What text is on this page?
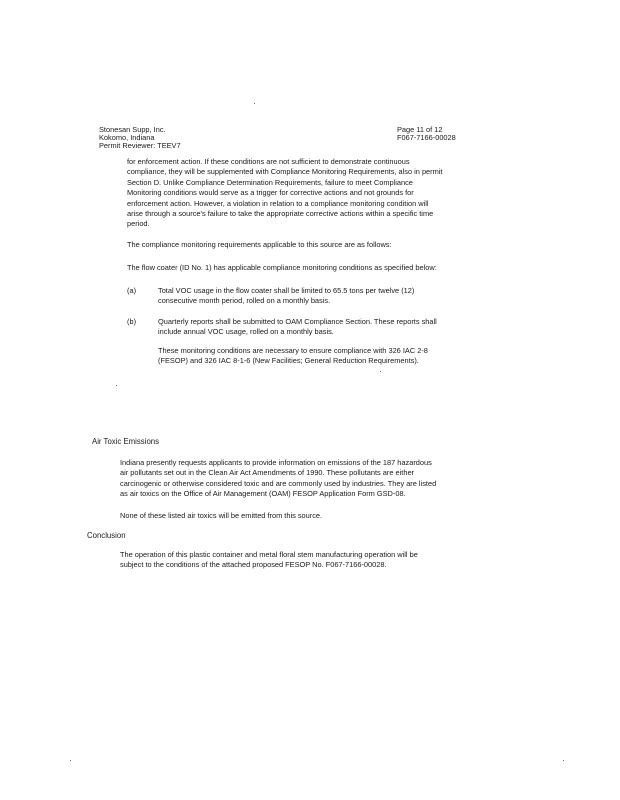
Stonesan Supp, Inc.

Kokomo, Indiana

Permit Reviewer: TEEV7

Page 11 of 12

F067-7166-00028

for enforcement action. If these conditions are not sufficient to demonstrate continuous
compliance, they will be supplemented with Compliance Monitoring Requirements, also in permit
Section D. Unlike Compliance Determination Requirements, failure to meet Compliance
Monitoring conditions would serve as a trigger for corrective actions and not grounds for
enforcement action. However, a violation in relation to a compliance monitoring condition will
arise through a source's failure to take the appropriate corrective actions within a specific time
period.

The compliance monitoring requirements applicable to this source are as follows:

The flow coater (ID No. 1) has applicable compliance monitoring conditions as specified below:

(a)	Total VOC usage in the flow coater shall be limited to 65.5 tons per twelve (12)
consecutive month period, rolled on a monthly basis.

(b)	Quarterly reports shall be submitted to OAM Compliance Section. These reports shall
include annual VOC usage, rolled on a monthly basis.
These monitoring conditions are necessary to ensure compliance with 326 IAC 2-8
(FESOP) and 326 IAC 8-1-6 (New Facilities; General Reduction Requirements).

Air Toxic Emissions

Indiana presently requests applicants to provide information on emissions of the 187 hazardous
air pollutants set out in the Clean Air Act Amendments of 1990. These pollutants are either
carcinogenic or otherwise considered toxic and are commonly used by industries. They are listed
as air toxics on the Office of Air Management (OAM) FESOP Application Form GSD-08.

None of these listed air toxics will be emitted from this source.

Conclusion

The operation of this plastic container and metal floral stem manufacturing operation will be
subject to the conditions of the attached proposed FESOP No. F067-7166-00028.
